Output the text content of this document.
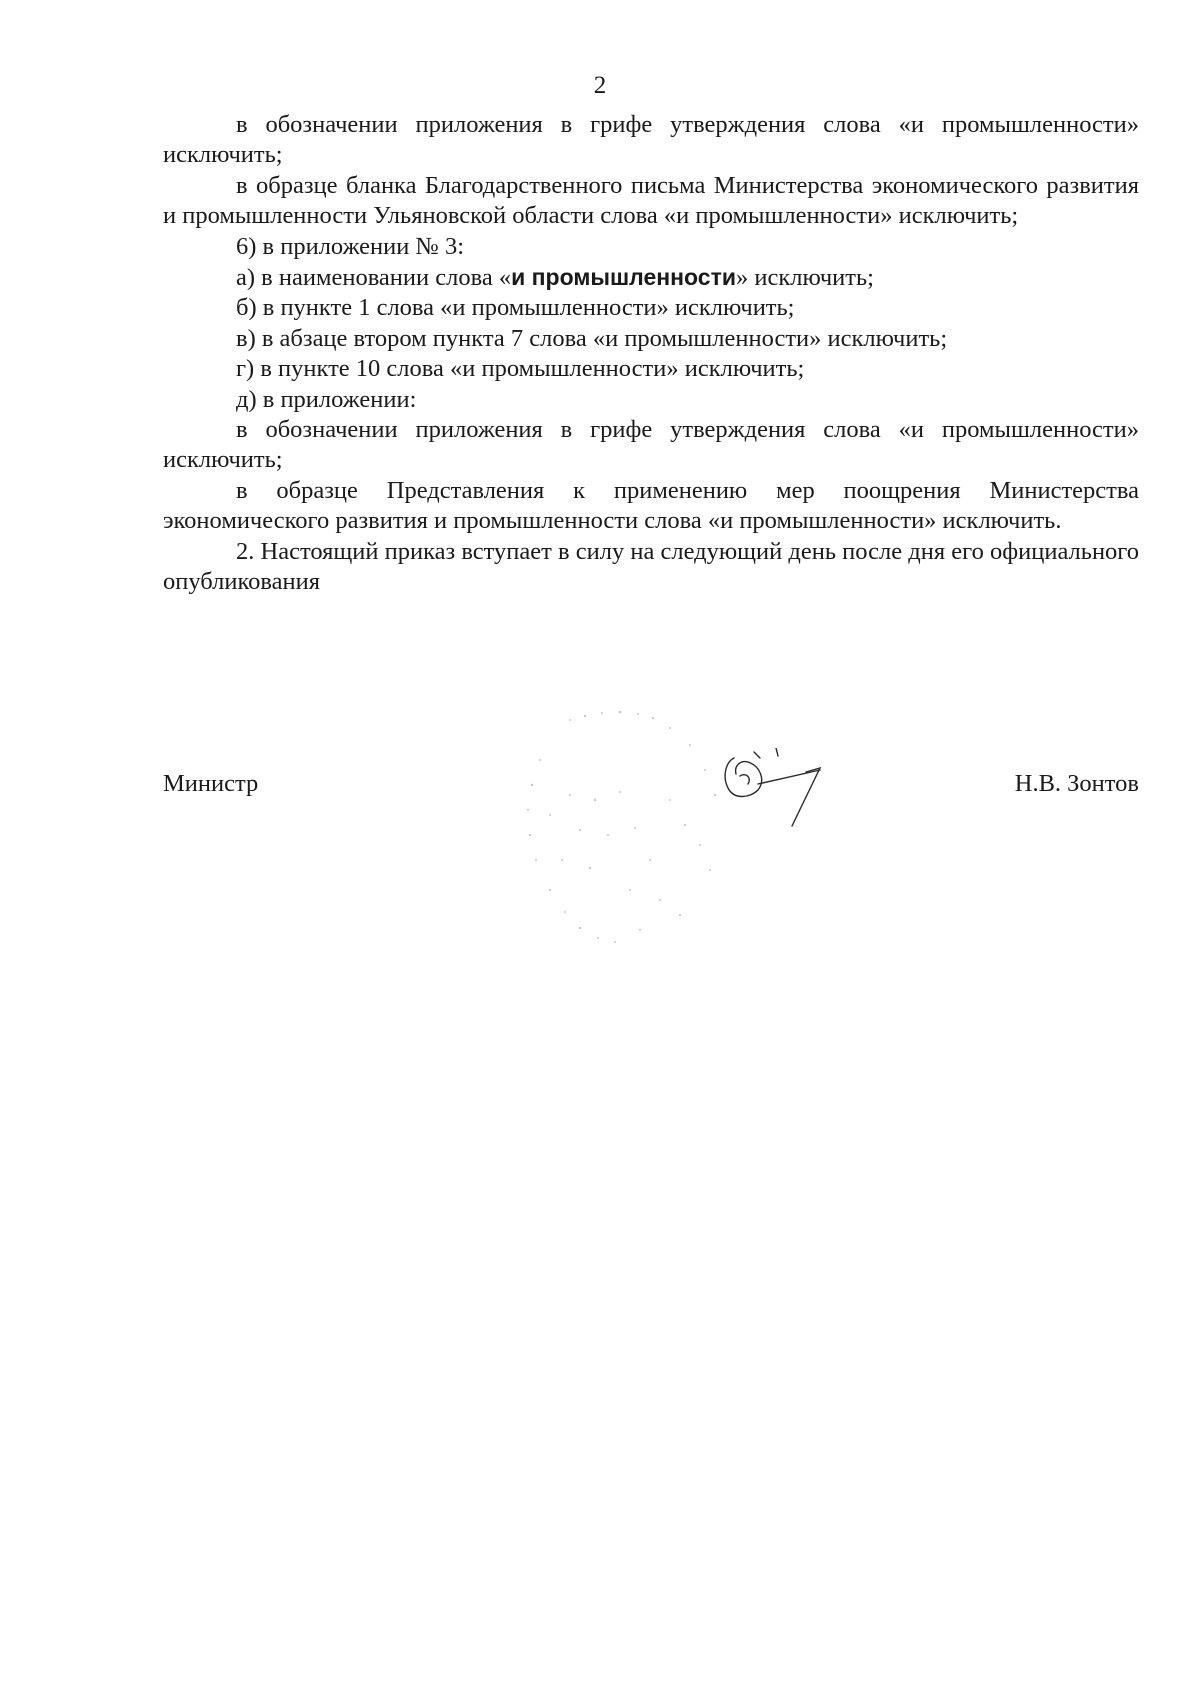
2

в обозначении приложения в грифе утверждения слова «и промышленности» исключить;

в образце бланка Благодарственного письма Министерства экономического развития и промышленности Ульяновской области слова «и промышленности» исключить;

6) в приложении № 3:

а) в наименовании слова «и промышленности» исключить;

б) в пункте 1 слова «и промышленности» исключить;

в) в абзаце втором пункта 7 слова «и промышленности» исключить;

г) в пункте 10 слова «и промышленности» исключить;

д) в приложении:

в обозначении приложения в грифе утверждения слова «и промышленности» исключить;

в образце Представления к применению мер поощрения Министерства экономического развития и промышленности слова «и промышленности» исключить.

2. Настоящий приказ вступает в силу на следующий день после дня его официального опубликования

Министр	Н.В. Зонтов
